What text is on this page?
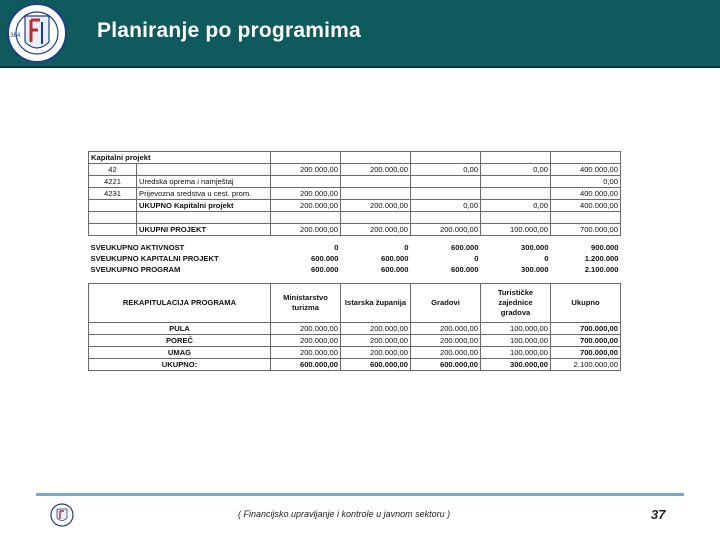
1364	Planiranje po programima
Kapitalni projekt						
42		200.000,00	200.000,00	0,00	0,00	400.000,00
4221	Uredska oprema i namještaj					0,00
4231	Prijevozna sredstva u cest. prom.	200.000,00				400.000,00
	UKUPNO Kapitalni projekt	200.000,00	200.000,00	0,00	0,00	400.000,00

	UKUPNI PROJEKT	200.000,00	200.000,00	200.000,00	100.000,00	700.000,00

SVEUKUPNO AKTIVNOST		0	0	600.000	300.000	900.000
SVEUKUPNO KAPITALNI PROJEKT		600.000	600.000	0	0	1.200.000
SVEUKUPNO PROGRAM		600.000	600.000	600.000	300.000	2.100.000

REKAPITULACIJA PROGRAMA		Ministarstvo turizma	Istarska županija	Gradovi	Turističke zajednice gradova	Ukupno
PULA		200.000,00	200.000,00	200.000,00	100.000,00	700.000,00
POREČ		200.000,00	200.000,00	200.000,00	100.000,00	700.000,00
UMAG		200.000,00	200.000,00	200.000,00	100.000,00	700.000,00
UKUPNO:		600.000,00	600.000,00	600.000,00	300.000,00	2.100.000,00
( Financijsko upravljanje i kontrole u javnom sektoru )	37
